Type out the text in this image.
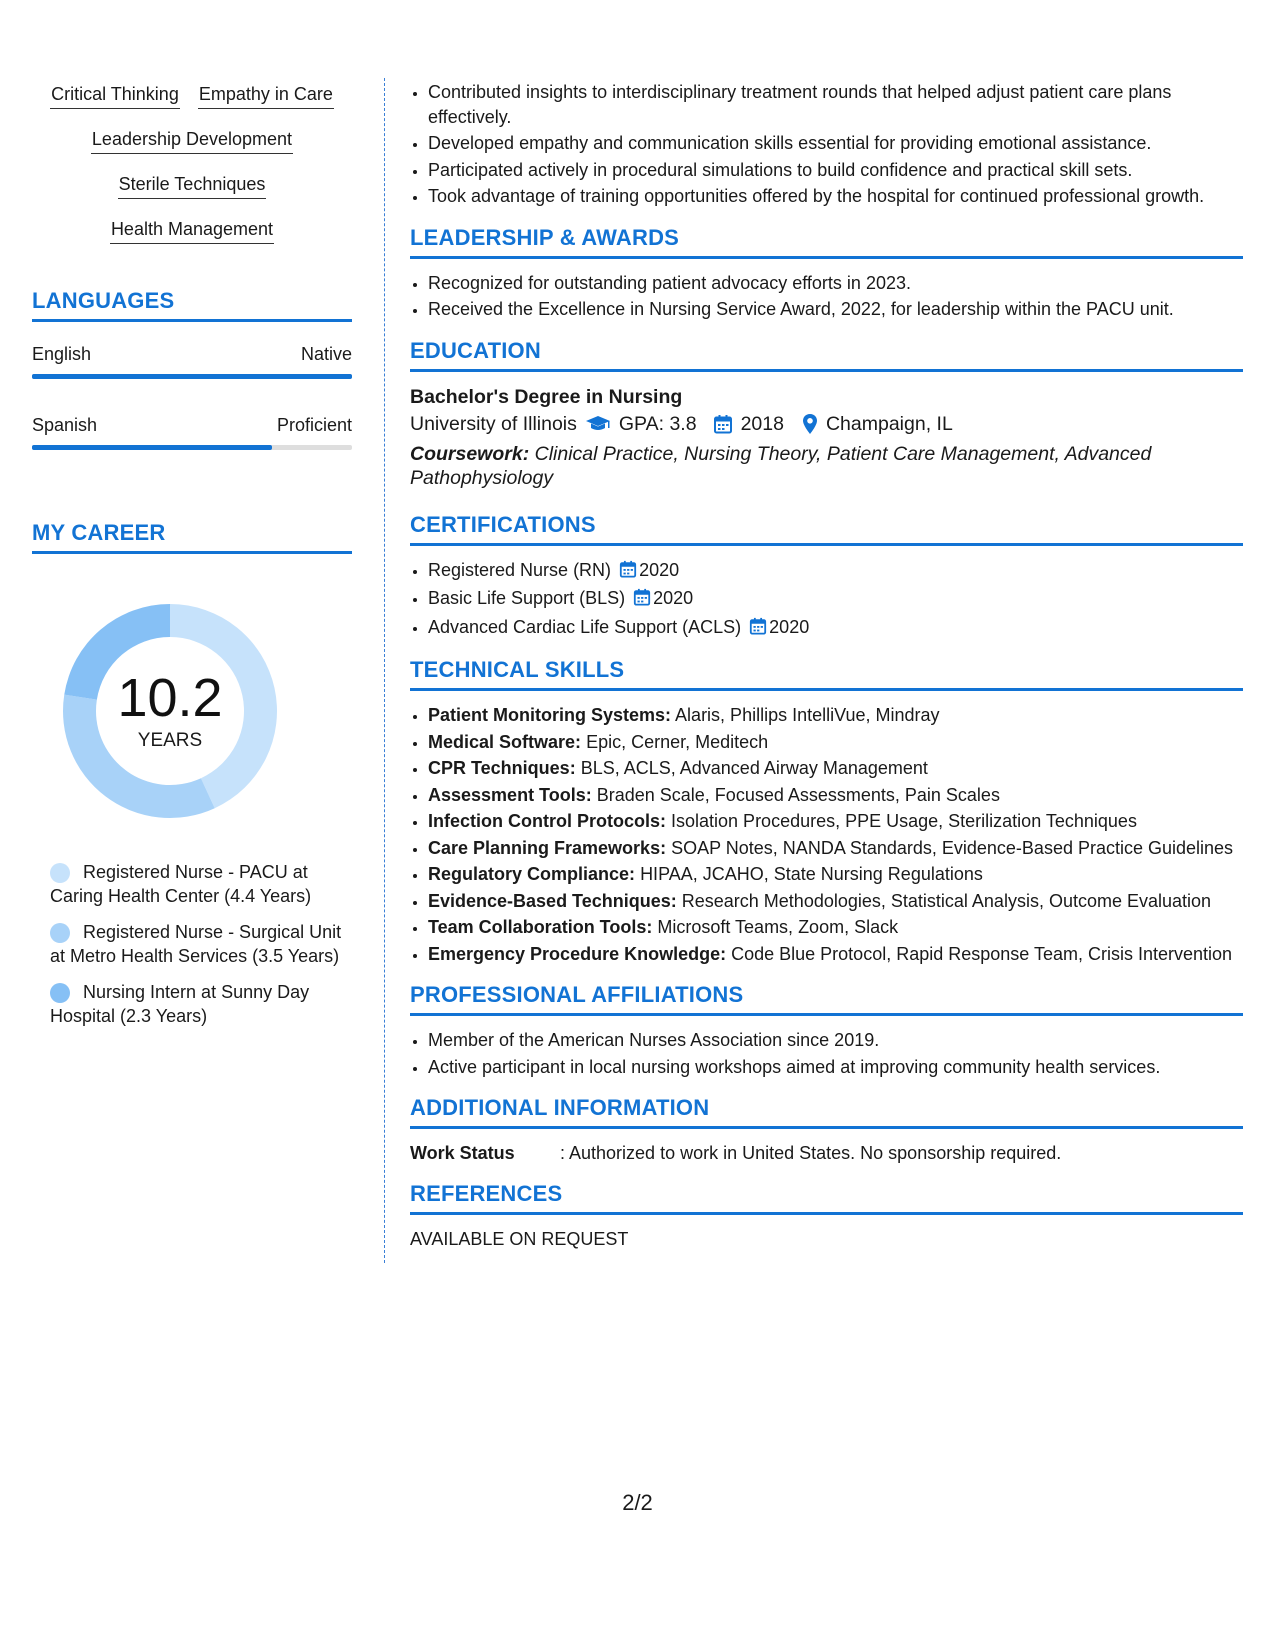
Critical Thinking Empathy in Care
Leadership Development
Sterile Techniques
Health Management
LANGUAGES
English	Native
Spanish	Proficient
MY CAREER
10.2
YEARS
Registered Nurse - PACU at Caring Health Center (4.4 Years)
Registered Nurse - Surgical Unit at Metro Health Services (3.5 Years)
Nursing Intern at Sunny Day Hospital (2.3 Years)
• Contributed insights to interdisciplinary treatment rounds that helped adjust patient care plans effectively.
• Developed empathy and communication skills essential for providing emotional assistance.
• Participated actively in procedural simulations to build confidence and practical skill sets.
• Took advantage of training opportunities offered by the hospital for continued professional growth.
LEADERSHIP & AWARDS
• Recognized for outstanding patient advocacy efforts in 2023.
• Received the Excellence in Nursing Service Award, 2022, for leadership within the PACU unit.
EDUCATION
Bachelor's Degree in Nursing
University of Illinois GPA: 3.8 2018 Champaign, IL
Coursework: Clinical Practice, Nursing Theory, Patient Care Management, Advanced Pathophysiology
CERTIFICATIONS
• Registered Nurse (RN) 2020
• Basic Life Support (BLS) 2020
• Advanced Cardiac Life Support (ACLS) 2020
TECHNICAL SKILLS
• Patient Monitoring Systems: Alaris, Phillips IntelliVue, Mindray
• Medical Software: Epic, Cerner, Meditech
• CPR Techniques: BLS, ACLS, Advanced Airway Management
• Assessment Tools: Braden Scale, Focused Assessments, Pain Scales
• Infection Control Protocols: Isolation Procedures, PPE Usage, Sterilization Techniques
• Care Planning Frameworks: SOAP Notes, NANDA Standards, Evidence-Based Practice Guidelines
• Regulatory Compliance: HIPAA, JCAHO, State Nursing Regulations
• Evidence-Based Techniques: Research Methodologies, Statistical Analysis, Outcome Evaluation
• Team Collaboration Tools: Microsoft Teams, Zoom, Slack
• Emergency Procedure Knowledge: Code Blue Protocol, Rapid Response Team, Crisis Intervention
PROFESSIONAL AFFILIATIONS
• Member of the American Nurses Association since 2019.
• Active participant in local nursing workshops aimed at improving community health services.
ADDITIONAL INFORMATION
Work Status	: Authorized to work in United States. No sponsorship required.
REFERENCES
AVAILABLE ON REQUEST
2/2
